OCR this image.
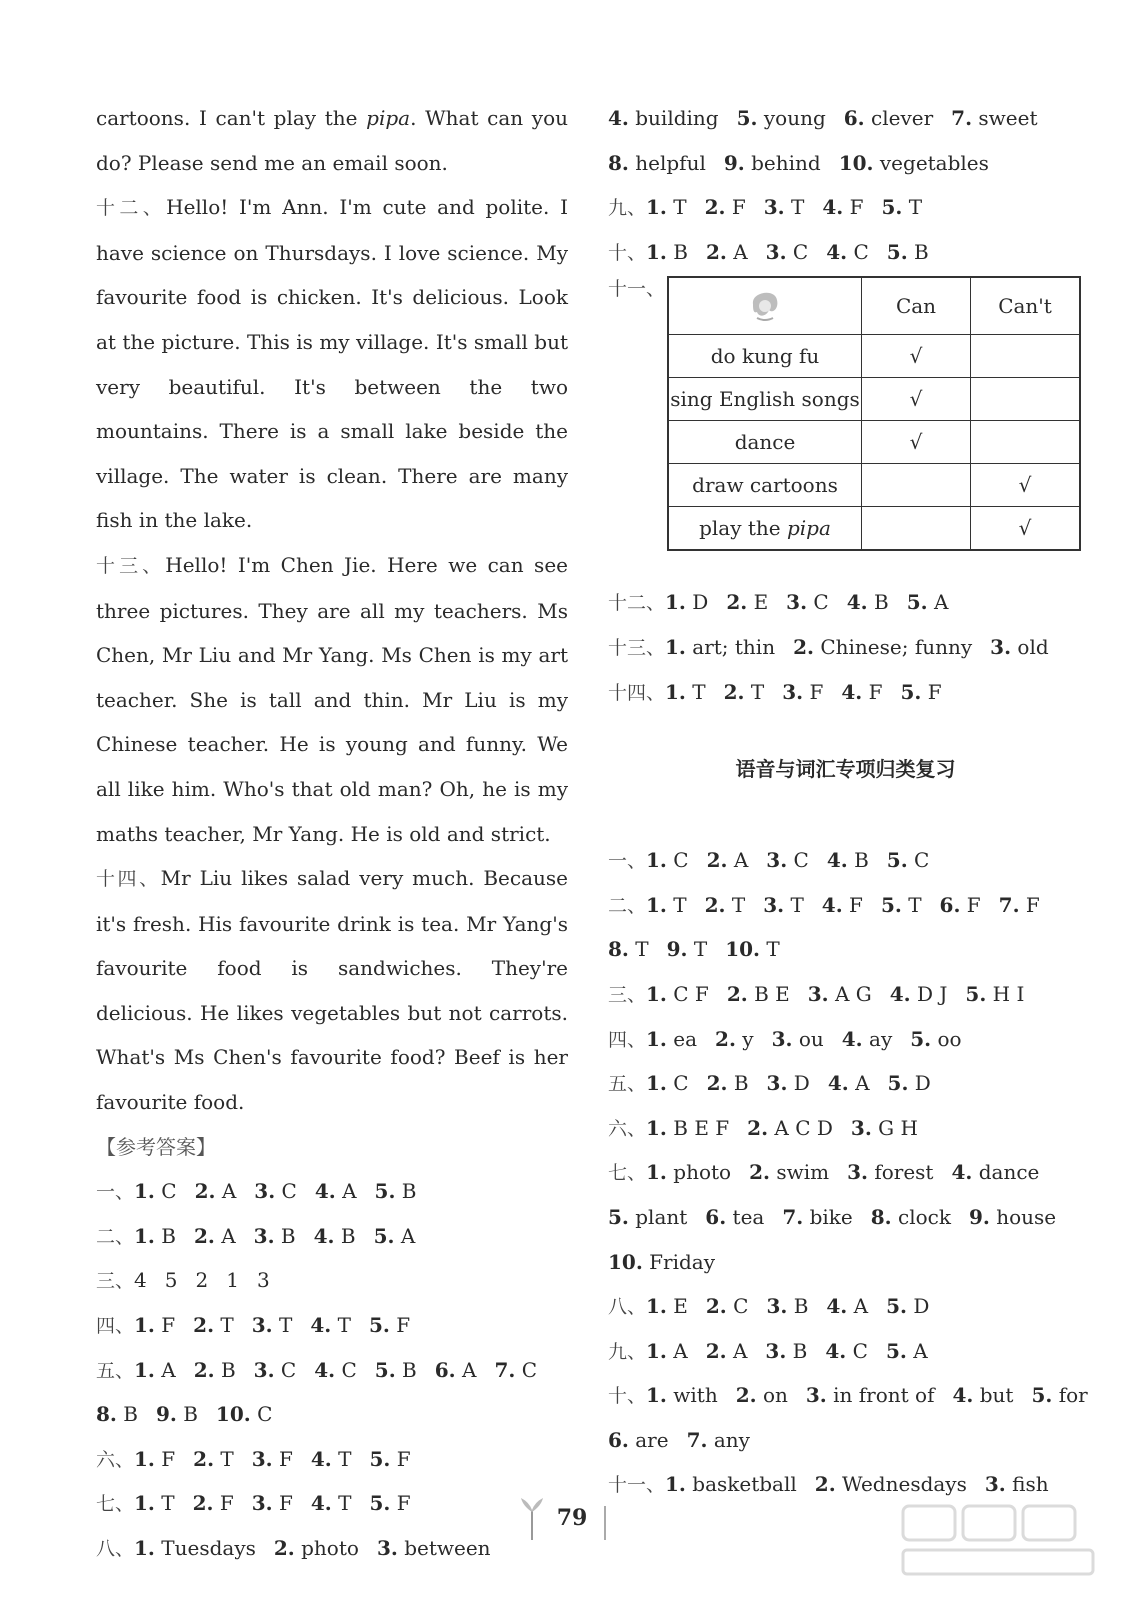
cartoons. I can't play the pipa. What can you do? Please send me an email soon.

十二、Hello! I'm Ann. I'm cute and polite. I have science on Thursdays. I love science. My favourite food is chicken. It's delicious. Look at the picture. This is my village. It's small but very beautiful. It's between the two mountains. There is a small lake beside the village. The water is clean. There are many fish in the lake.

十三、Hello! I'm Chen Jie. Here we can see three pictures. They are all my teachers. Ms Chen, Mr Liu and Mr Yang. Ms Chen is my art teacher. She is tall and thin. Mr Liu is my Chinese teacher. He is young and funny. We all like him. Who's that old man? Oh, he is my maths teacher, Mr Yang. He is old and strict.

十四、Mr Liu likes salad very much. Because it's fresh. His favourite drink is tea. Mr Yang's favourite food is sandwiches. They're delicious. He likes vegetables but not carrots. What's Ms Chen's favourite food? Beef is her favourite food.

【参考答案】
一、1. C 2. A 3. C 4. A 5. B
二、1. B 2. A 3. B 4. B 5. A
三、4 5 2 1 3
四、1. F 2. T 3. T 4. T 5. F
五、1. A 2. B 3. C 4. C 5. B 6. A 7. C
8. B 9. B 10. C
六、1. F 2. T 3. F 4. T 5. F
七、1. T 2. F 3. F 4. T 5. F
八、1. Tuesdays 2. photo 3. between
4. building 5. young 6. clever 7. sweet
8. helpful 9. behind 10. vegetables
九、1. T 2. F 3. T 4. F 5. T
十、1. B 2. A 3. C 4. C 5. B
十一、
	Can	Can't
do kung fu	√	
sing English songs	√	
dance	√	
draw cartoons		√
play the pipa		√
十二、1. D 2. E 3. C 4. B 5. A
十三、1. art; thin 2. Chinese; funny 3. old
十四、1. T 2. T 3. F 4. F 5. F
语音与词汇专项归类复习
一、1. C 2. A 3. C 4. B 5. C
二、1. T 2. T 3. T 4. F 5. T 6. F 7. F
8. T 9. T 10. T
三、1. C F 2. B E 3. A G 4. D J 5. H I
四、1. ea 2. y 3. ou 4. ay 5. oo
五、1. C 2. B 3. D 4. A 5. D
六、1. B E F 2. A C D 3. G H
七、1. photo 2. swim 3. forest 4. dance
5. plant 6. tea 7. bike 8. clock 9. house
10. Friday
八、1. E 2. C 3. B 4. A 5. D
九、1. A 2. A 3. B 4. C 5. A
十、1. with 2. on 3. in front of 4. but 5. for
6. are 7. any
十一、1. basketball 2. Wednesdays 3. fish
79
